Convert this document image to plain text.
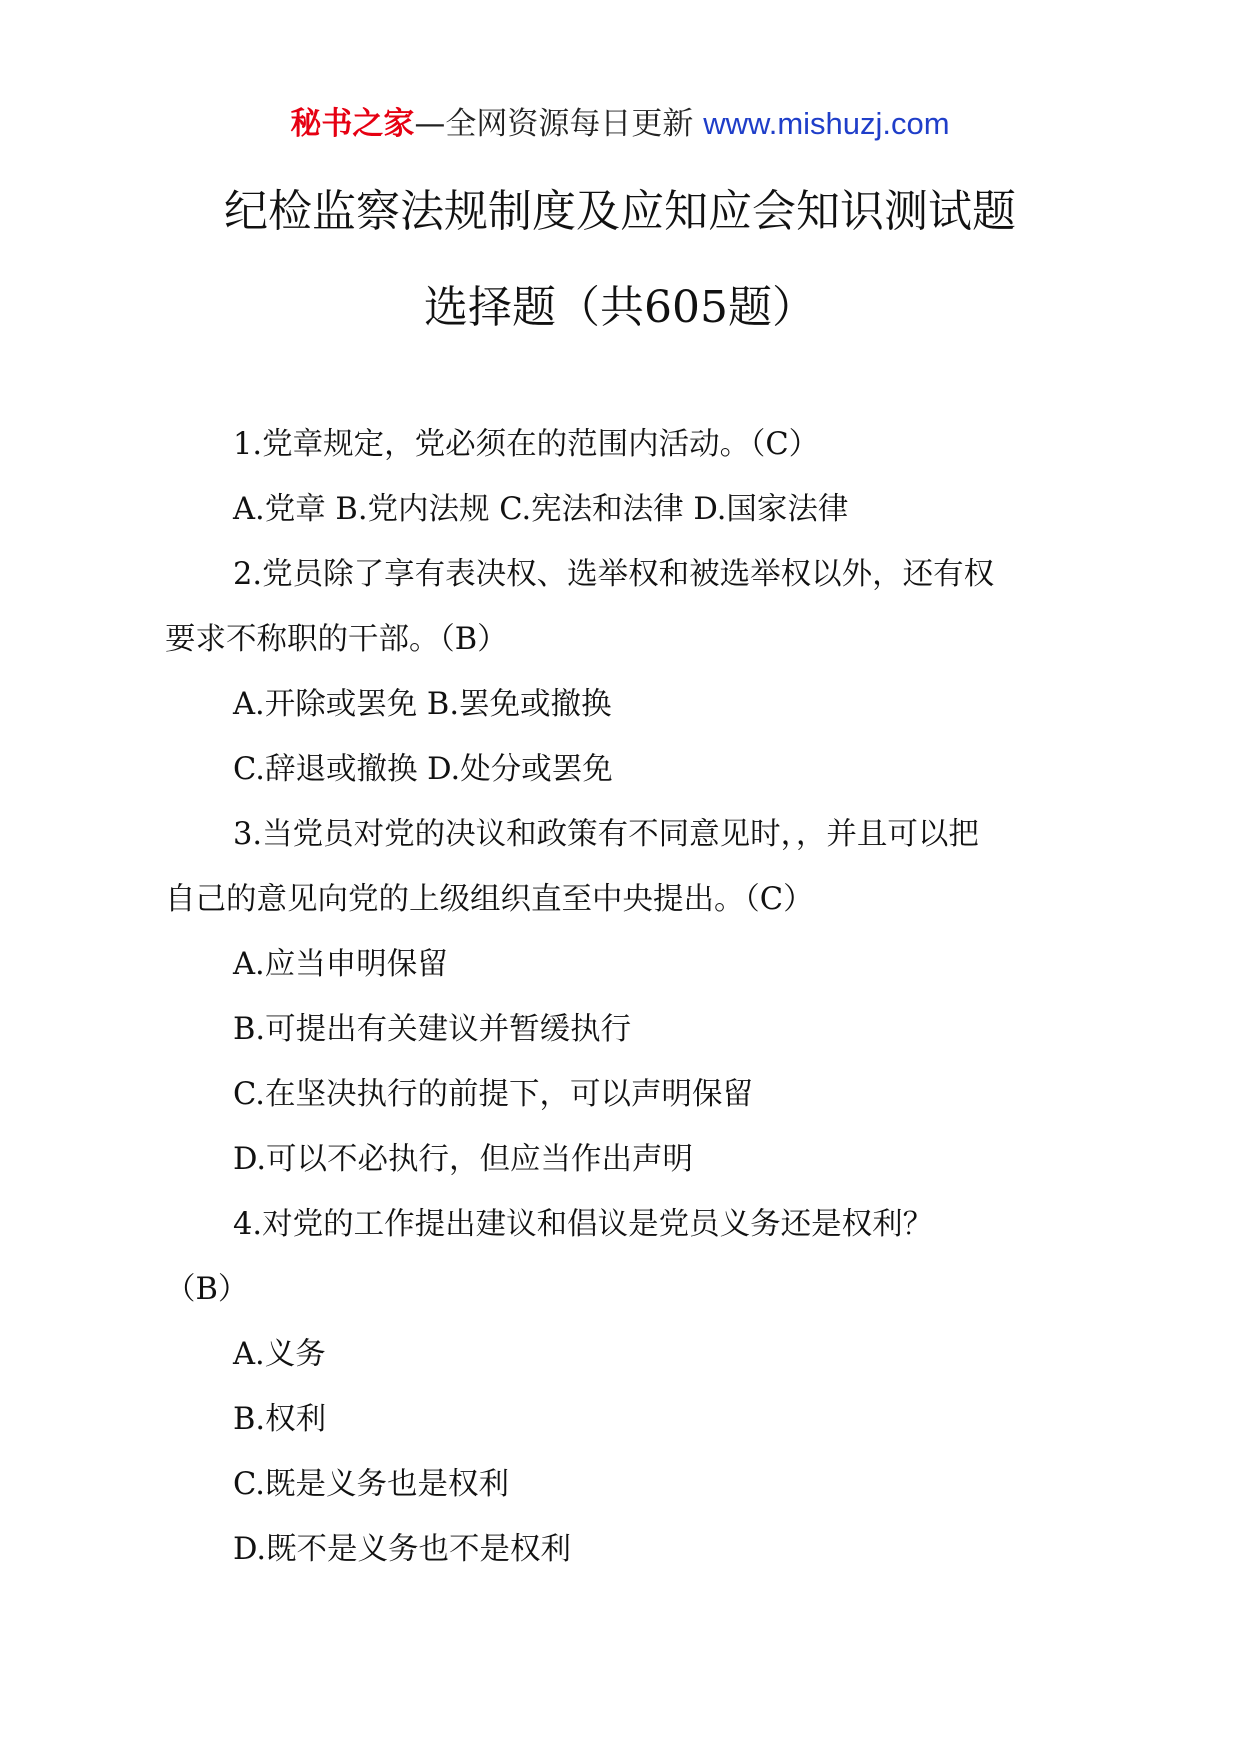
秘书之家—全网资源每日更新 www.mishuzj.com
纪检监察法规制度及应知应会知识测试题
选择题（共605题）

1.党章规定，党必须在的范围内活动。（C）

A.党章 B.党内法规 C.宪法和法律 D.国家法律

2.党员除了享有表决权、选举权和被选举权以外，还有权

要求不称职的干部。（B）

A.开除或罢免 B.罢免或撤换

C.辞退或撤换 D.处分或罢免

3.当党员对党的决议和政策有不同意见时，，并且可以把

自己的意见向党的上级组织直至中央提出。（C）

A.应当申明保留

B.可提出有关建议并暂缓执行

C.在坚决执行的前提下，可以声明保留

D.可以不必执行，但应当作出声明

4.对党的工作提出建议和倡议是党员义务还是权利？

（B）

A.义务

B.权利

C.既是义务也是权利

D.既不是义务也不是权利
